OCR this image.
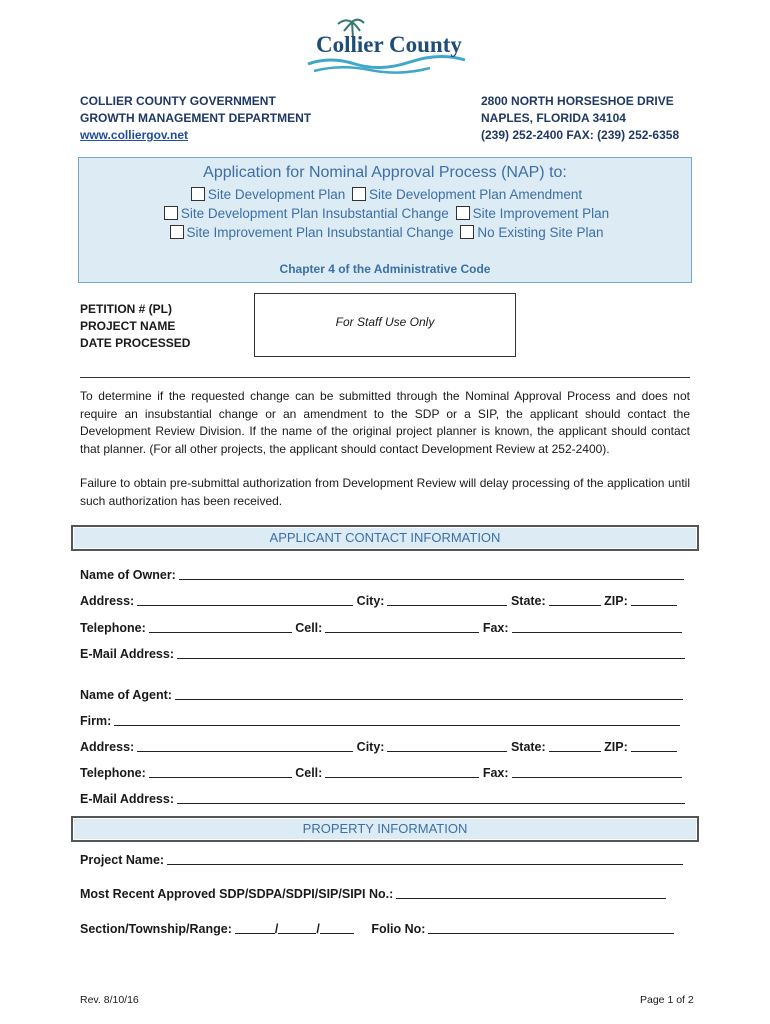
Collier County
COLLIER COUNTY GOVERNMENT
GROWTH MANAGEMENT DEPARTMENT
www.colliergov.net
2800 NORTH HORSESHOE DRIVE
NAPLES, FLORIDA 34104
(239) 252-2400 FAX: (239) 252-6358
Application for Nominal Approval Process (NAP) to:
Site Development Plan Site Development Plan Amendment
Site Development Plan Insubstantial Change Site Improvement Plan
Site Improvement Plan Insubstantial Change No Existing Site Plan
Chapter 4 of the Administrative Code
PETITION # (PL)
PROJECT NAME
DATE PROCESSED
For Staff Use Only
To determine if the requested change can be submitted through the Nominal Approval Process and does not require an insubstantial change or an amendment to the SDP or a SIP, the applicant should contact the Development Review Division. If the name of the original project planner is known, the applicant should contact that planner. (For all other projects, the applicant should contact Development Review at 252-2400).
Failure to obtain pre-submittal authorization from Development Review will delay processing of the application until such authorization has been received.
APPLICANT CONTACT INFORMATION
Name of Owner:
Address:	City:	State:	ZIP:
Telephone:	Cell:	Fax:
E-Mail Address:
Name of Agent:
Firm:
Address:	City:	State:	ZIP:
Telephone:	Cell:	Fax:
E-Mail Address:
PROPERTY INFORMATION
Project Name:
Most Recent Approved SDP/SDPA/SDPI/SIP/SIPI No.:
Section/Township/Range:	/	/	Folio No:
Rev. 8/10/16	Page 1 of 2
